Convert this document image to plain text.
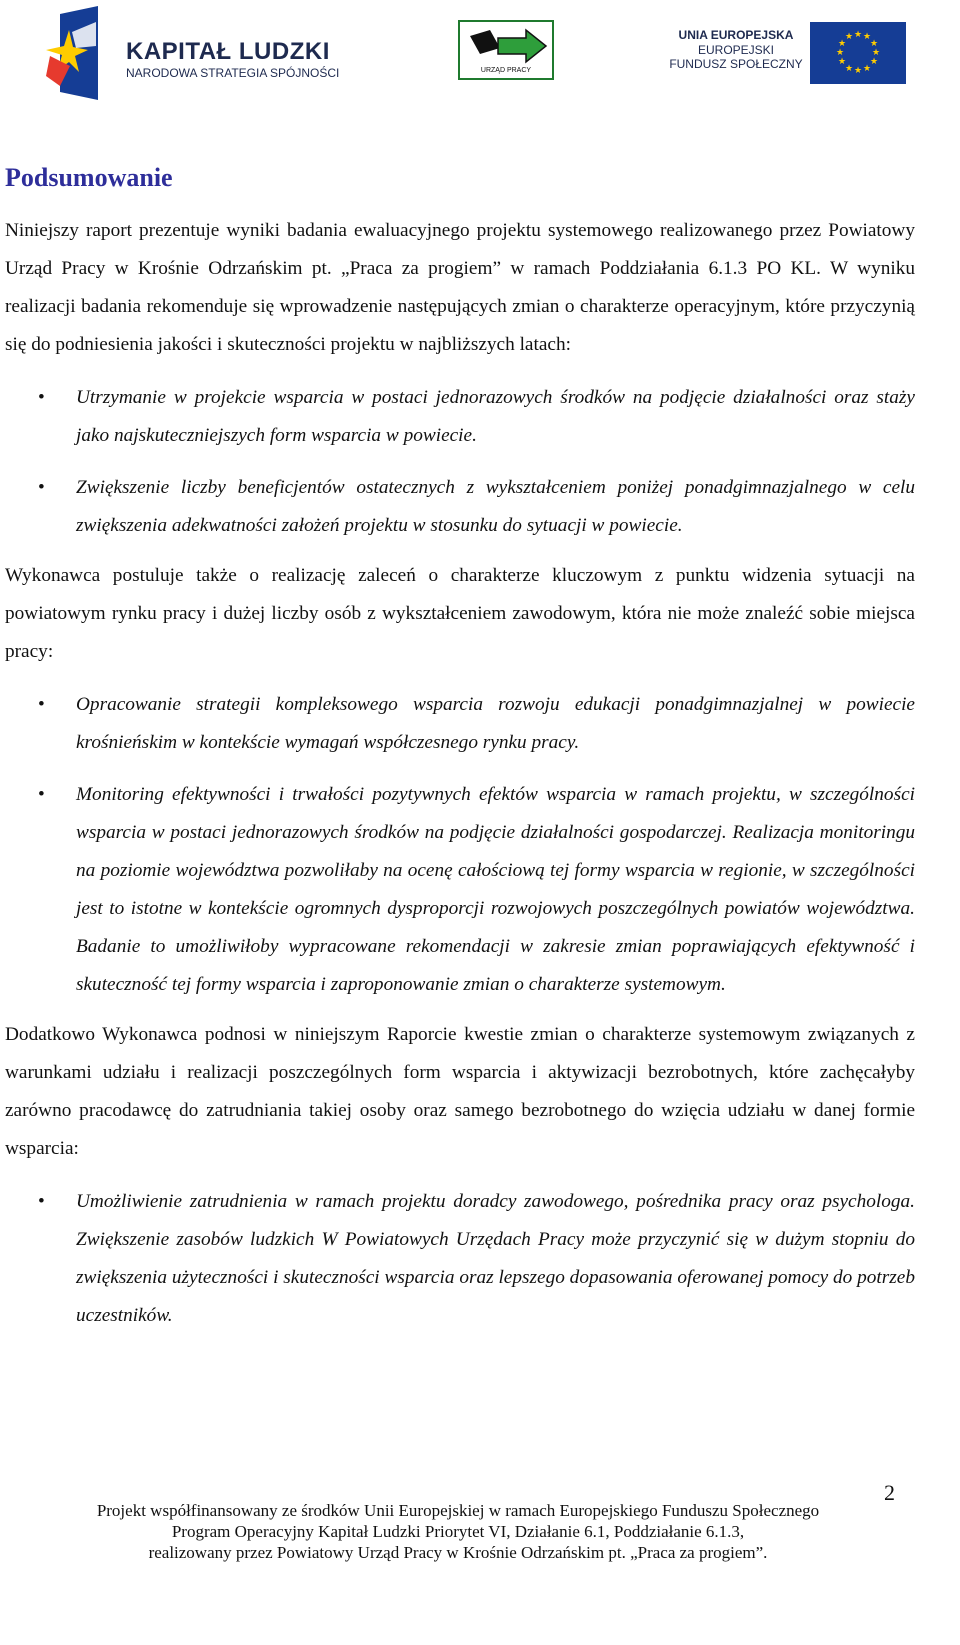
KAPITAŁ LUDZKI
NARODOWA STRATEGIA SPÓJNOŚCI	URZĄD PRACY
UNIA EUROPEJSKA
EUROPEJSKI
FUNDUSZ SPOŁECZNY
★ ★
★
★
★
★
★
★
★
★
★
★
Podsumowanie

Niniejszy raport prezentuje wyniki badania ewaluacyjnego projektu systemowego realizowanego przez Powiatowy Urząd Pracy w Krośnie Odrzańskim pt. „Praca za progiem” w ramach Poddziałania 6.1.3 PO KL. W wyniku realizacji badania rekomenduje się wprowadzenie następujących zmian o charakterze operacyjnym, które przyczynią się do podniesienia jakości i skuteczności projektu w najbliższych latach:

• Utrzymanie w projekcie wsparcia w postaci jednorazowych środków na podjęcie działalności oraz staży jako najskuteczniejszych form wsparcia w powiecie.
• Zwiększenie liczby beneficjentów ostatecznych z wykształceniem poniżej ponadgimnazjalnego w celu zwiększenia adekwatności założeń projektu w stosunku do sytuacji w powiecie.

Wykonawca postuluje także o realizację zaleceń o charakterze kluczowym z punktu widzenia sytuacji na powiatowym rynku pracy i dużej liczby osób z wykształceniem zawodowym, która nie może znaleźć sobie miejsca pracy:

• Opracowanie strategii kompleksowego wsparcia rozwoju edukacji ponadgimnazjalnej w powiecie krośnieńskim w kontekście wymagań współczesnego rynku pracy.
• Monitoring efektywności i trwałości pozytywnych efektów wsparcia w ramach projektu, w szczególności wsparcia w postaci jednorazowych środków na podjęcie działalności gospodarczej. Realizacja monitoringu na poziomie województwa pozwoliłaby na ocenę całościową tej formy wsparcia w regionie, w szczególności jest to istotne w kontekście ogromnych dysproporcji rozwojowych poszczególnych powiatów województwa. Badanie to umożliwiłoby wypracowane rekomendacji w zakresie zmian poprawiających efektywność i skuteczność tej formy wsparcia i zaproponowanie zmian o charakterze systemowym.

Dodatkowo Wykonawca podnosi w niniejszym Raporcie kwestie zmian o charakterze systemowym związanych z warunkami udziału i realizacji poszczególnych form wsparcia i aktywizacji bezrobotnych, które zachęcałyby zarówno pracodawcę do zatrudniania takiej osoby oraz samego bezrobotnego do wzięcia udziału w danej formie wsparcia:

• Umożliwienie zatrudnienia w ramach projektu doradcy zawodowego, pośrednika pracy oraz psychologa. Zwiększenie zasobów ludzkich W Powiatowych Urzędach Pracy może przyczynić się w dużym stopniu do zwiększenia użyteczności i skuteczności wsparcia oraz lepszego dopasowania oferowanej pomocy do potrzeb uczestników.
2
Projekt współfinansowany ze środków Unii Europejskiej w ramach Europejskiego Funduszu Społecznego
Program Operacyjny Kapitał Ludzki Priorytet VI, Działanie 6.1, Poddziałanie 6.1.3,
realizowany przez Powiatowy Urząd Pracy w Krośnie Odrzańskim pt. „Praca za progiem”.
